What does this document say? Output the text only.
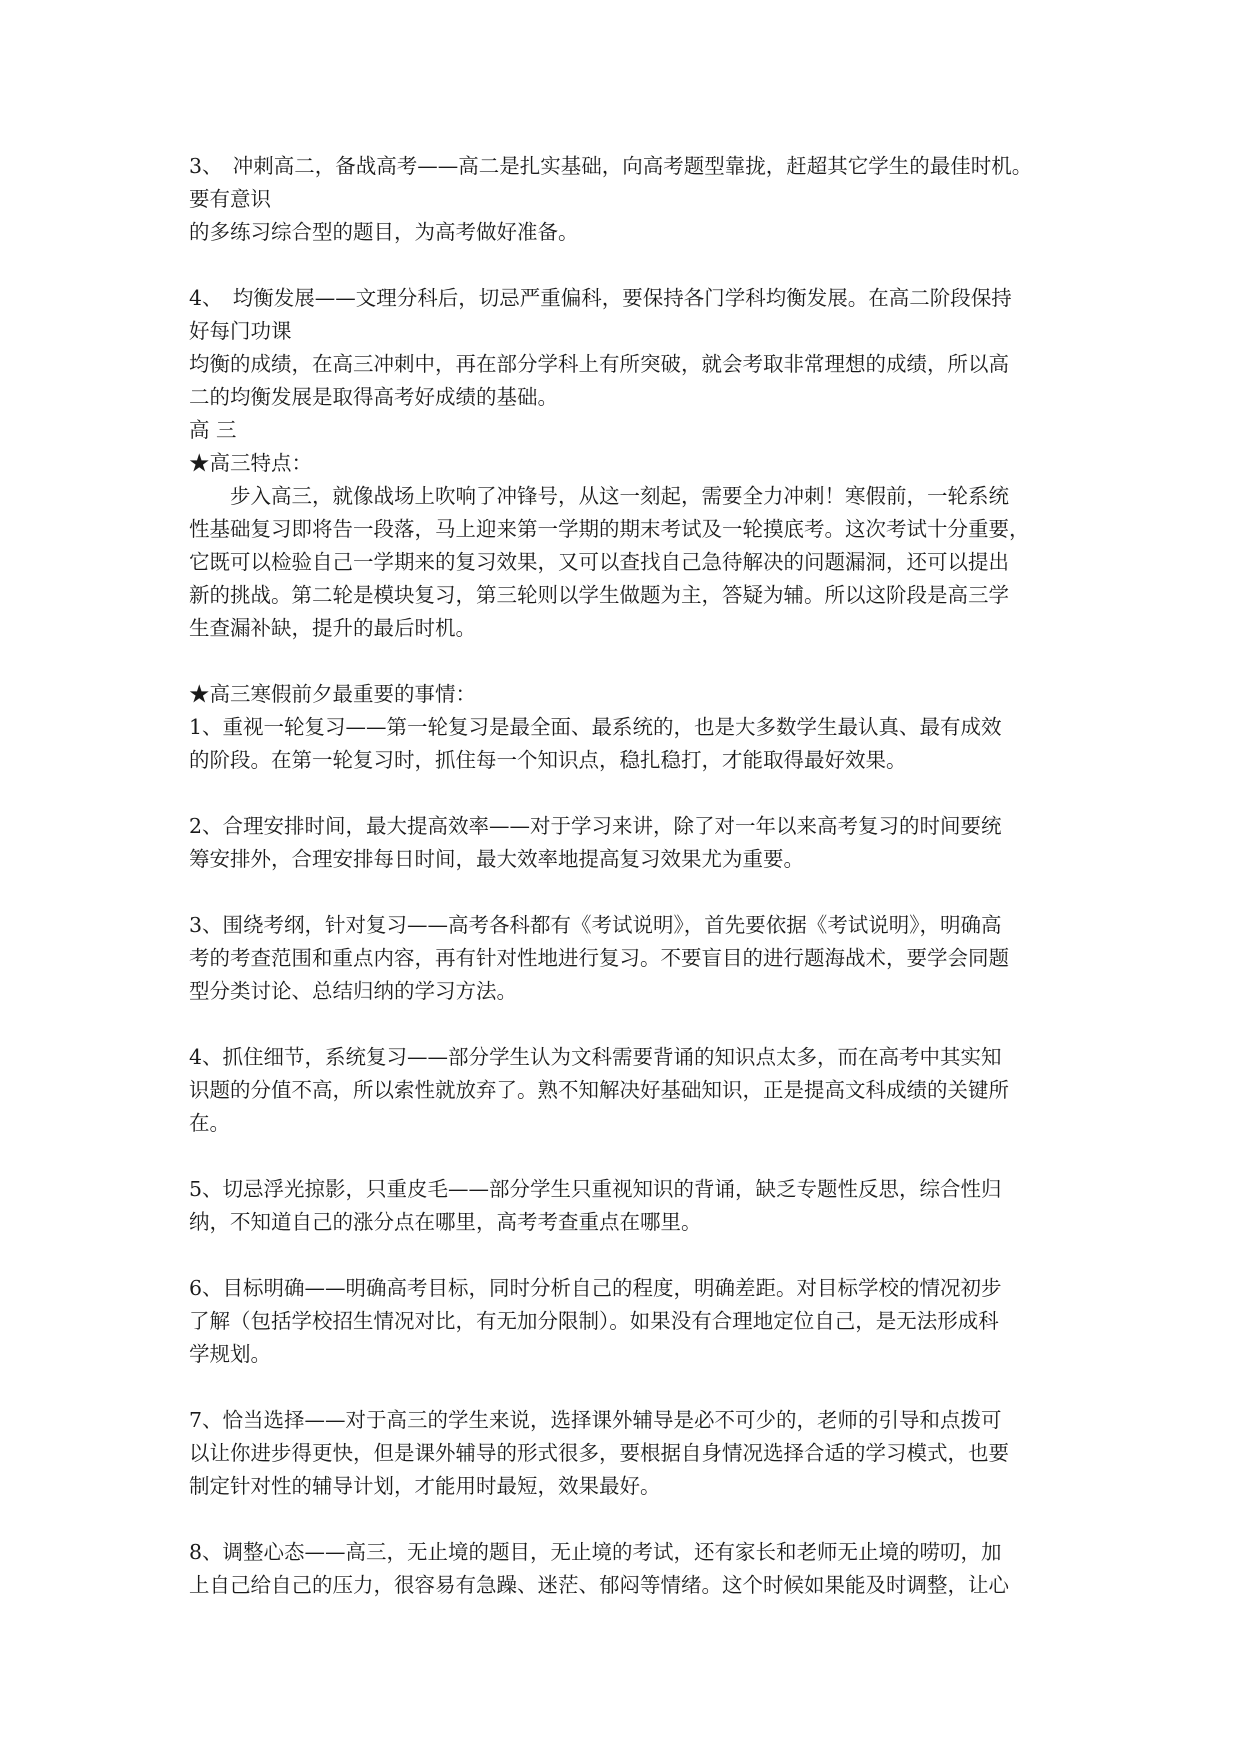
3、　冲刺高二，备战高考——高二是扎实基础，向高考题型靠拢，赶超其它学生的最佳时机。
要有意识
的多练习综合型的题目，为高考做好准备。
4、　均衡发展——文理分科后，切忌严重偏科，要保持各门学科均衡发展。在高二阶段保持
好每门功课
均衡的成绩，在高三冲刺中，再在部分学科上有所突破，就会考取非常理想的成绩，所以高
二的均衡发展是取得高考好成绩的基础。
高 三
★高三特点：
步入高三，就像战场上吹响了冲锋号，从这一刻起，需要全力冲刺！寒假前，一轮系统
性基础复习即将告一段落，马上迎来第一学期的期末考试及一轮摸底考。这次考试十分重要，
它既可以检验自己一学期来的复习效果，又可以查找自己急待解决的问题漏洞，还可以提出
新的挑战。第二轮是模块复习，第三轮则以学生做题为主，答疑为辅。所以这阶段是高三学
生查漏补缺，提升的最后时机。
★高三寒假前夕最重要的事情：
1、重视一轮复习——第一轮复习是最全面、最系统的，也是大多数学生最认真、最有成效
的阶段。在第一轮复习时，抓住每一个知识点，稳扎稳打，才能取得最好效果。
2、合理安排时间，最大提高效率——对于学习来讲，除了对一年以来高考复习的时间要统
筹安排外，合理安排每日时间，最大效率地提高复习效果尤为重要。
3、围绕考纲，针对复习——高考各科都有《考试说明》，首先要依据《考试说明》，明确高
考的考查范围和重点内容，再有针对性地进行复习。不要盲目的进行题海战术，要学会同题
型分类讨论、总结归纳的学习方法。
4、抓住细节，系统复习——部分学生认为文科需要背诵的知识点太多，而在高考中其实知
识题的分值不高，所以索性就放弃了。熟不知解决好基础知识，正是提高文科成绩的关键所
在。
5、切忌浮光掠影，只重皮毛——部分学生只重视知识的背诵，缺乏专题性反思，综合性归
纳，不知道自己的涨分点在哪里，高考考查重点在哪里。
6、目标明确——明确高考目标，同时分析自己的程度，明确差距。对目标学校的情况初步
了解（包括学校招生情况对比，有无加分限制）。如果没有合理地定位自己，是无法形成科
学规划。
7、恰当选择——对于高三的学生来说，选择课外辅导是必不可少的，老师的引导和点拨可
以让你进步得更快，但是课外辅导的形式很多，要根据自身情况选择合适的学习模式，也要
制定针对性的辅导计划，才能用时最短，效果最好。
8、调整心态——高三，无止境的题目，无止境的考试，还有家长和老师无止境的唠叨，加
上自己给自己的压力，很容易有急躁、迷茫、郁闷等情绪。这个时候如果能及时调整，让心
